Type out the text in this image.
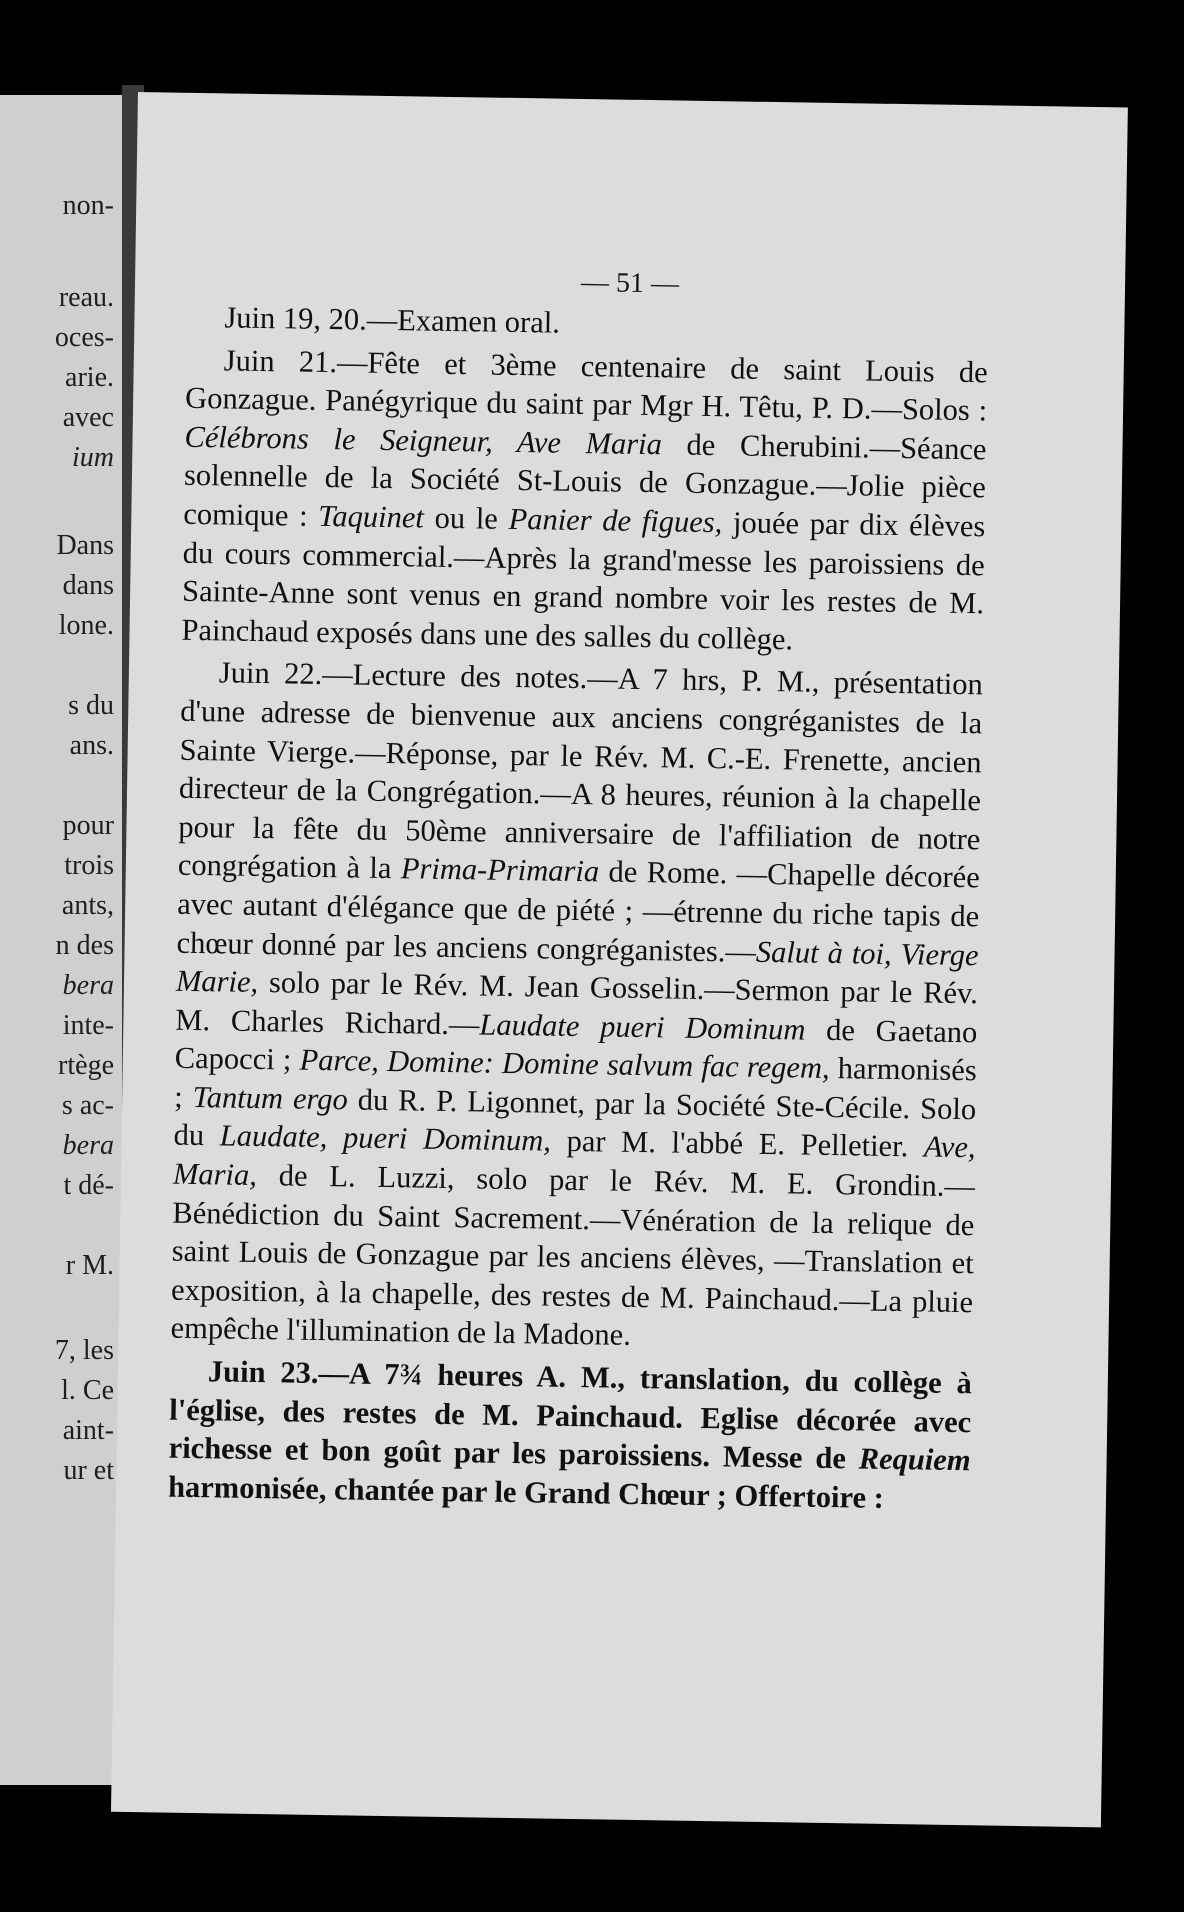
non-
reau.
oces-
arie.
avec
ium
Dans
dans
lone.
s du
ans.
pour
trois
ants,
n des
bera
inte-
rtège
s ac-
bera
t dé-
r M.
7, les
l. Ce
aint-
ur et
— 51 —

Juin 19, 20.—Examen oral.

Juin 21.—Fête et 3ème centenaire de saint Louis de Gonzague. Panégyrique du saint par Mgr H. Têtu, P. D.—Solos : Célébrons le Seigneur, Ave Maria de Cherubini.—Séance solennelle de la Société St-Louis de Gonzague.—Jolie pièce comique : Taquinet ou le Panier de figues, jouée par dix élèves du cours commercial.—Après la grand'messe les paroissiens de Sainte-Anne sont venus en grand nombre voir les restes de M. Painchaud exposés dans une des salles du collège.

Juin 22.—Lecture des notes.—A 7 hrs, P. M., présentation d'une adresse de bienvenue aux anciens congréganistes de la Sainte Vierge.—Réponse, par le Rév. M. C.-E. Frenette, ancien directeur de la Congrégation.—A 8 heures, réunion à la chapelle pour la fête du 50ème anniversaire de l'affiliation de notre congrégation à la Prima-Primaria de Rome. —Chapelle décorée avec autant d'élégance que de piété ; —étrenne du riche tapis de chœur donné par les anciens congréganistes.—Salut à toi, Vierge Marie, solo par le Rév. M. Jean Gosselin.—Sermon par le Rév. M. Charles Richard.—Laudate pueri Dominum de Gaetano Capocci ; Parce, Domine: Domine salvum fac regem, harmonisés ; Tantum ergo du R. P. Ligonnet, par la Société Ste-Cécile. Solo du Laudate, pueri Dominum, par M. l'abbé E. Pelletier. Ave, Maria, de L. Luzzi, solo par le Rév. M. E. Grondin.—Bénédiction du Saint Sacrement.—Vénération de la relique de saint Louis de Gonzague par les anciens élèves, —Translation et exposition, à la chapelle, des restes de M. Painchaud.—La pluie empêche l'illumination de la Madone.

Juin 23.—A 7¾ heures A. M., translation, du collège à l'église, des restes de M. Painchaud. Eglise décorée avec richesse et bon goût par les paroissiens. Messe de Requiem harmonisée, chantée par le Grand Chœur ; Offertoire :
